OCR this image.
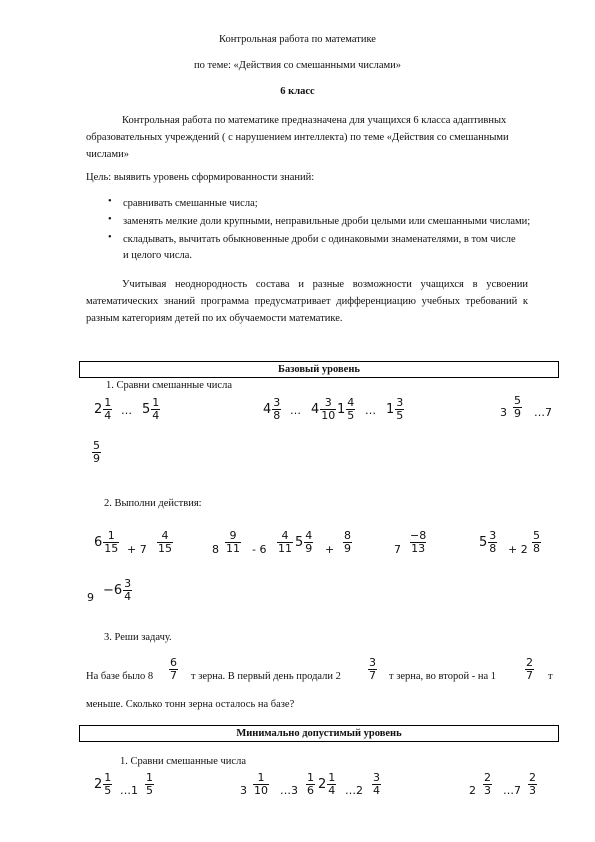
Контрольная работа по математике
по теме: «Действия со смешанными числами»
6 класс
Контрольная работа по математике предназначена для учащихся 6 класса адаптивных образовательных учреждений ( с нарушением интеллекта) по теме «Действия со смешанными числами»
Цель: выявить уровень сформированности знаний:
• сравнивать смешанные числа;
• заменять мелкие доли крупными, неправильные дроби целыми или смешанными числами;
• складывать, вычитать обыкновенные дроби с одинаковыми знаменателями, в том числе и целого числа.
Учитывая неоднородность состава и разные возможности учащихся в усвоении математических знаний программа предусматривает дифференциацию учебных требований к разным категориям детей по их обучаемости математике.
Базовый уровень
1. Сравни смешанные числа
2 1
4 … 5 1
4	4 3
8 … 4 3
10 1 4
5 … 1 3
5	3
5
9 …7
5
9
2. Выполни действия:
6 1
15 + 7
4
15	8
9
11 - 6
4
11 5 4
9 +
8
9	7
−8
13	5 3
8 + 2
5
8
9 −6 3
4
3. Реши задачу.
На базе было 8
6
7 т зерна. В первый день продали 2
3
7 т зерна, во второй - на 1
2
7 т
меньше. Сколько тонн зерна осталось на базе?
Минимально допустимый уровень
1. Сравни смешанные числа
2 1
5 …1
1
5	3
1
10 …3
1
6 2 1
4 …2
3
4	2
2
3 …7
2
3
